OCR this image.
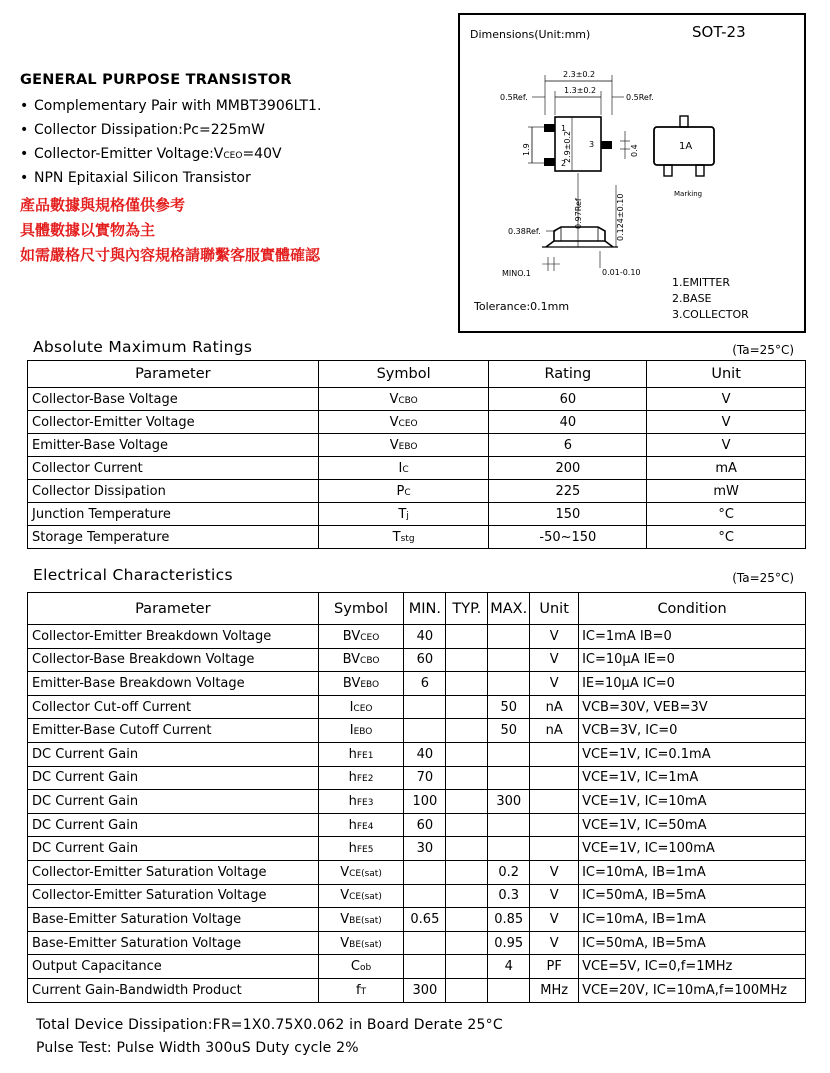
GENERAL PURPOSE TRANSISTOR
• Complementary Pair with MMBT3906LT1.
• Collector Dissipation:Pc=225mW
• Collector-Emitter Voltage:VCEO=40V
• NPN Epitaxial Silicon Transistor
產品數據與規格僅供參考
具體數據以實物為主
如需嚴格尺寸與內容規格請聯繫客服實體確認
Dimensions(Unit:mm)	SOT-23
2.3±0.2
1.3±0.2
0.5Ref.	0.5Ref.
1.9	2.9±0.2
1
2
3	0.4
0.97Ref	0.124±0.10
0.38Ref.
MINO.1	0.01-0.10
1A
Marking
1.EMITTER
2.BASE
3.COLLECTOR
Tolerance:0.1mm
Absolute Maximum Ratings	(Ta=25°C)
Parameter	Symbol	Rating	Unit
Collector-Base Voltage	VCBO	60	V
Collector-Emitter Voltage	VCEO	40	V
Emitter-Base Voltage	VEBO	6	V
Collector Current	IC	200	mA
Collector Dissipation	PC	225	mW
Junction Temperature	Tj	150	°C
Storage Temperature	Tstg	-50~150	°C
Electrical Characteristics	(Ta=25°C)
Parameter	Symbol	MIN.	TYP.	MAX.	Unit	Condition
Collector-Emitter Breakdown Voltage	BVCEO	40			V	IC=1mA IB=0
Collector-Base Breakdown Voltage	BVCBO	60			V	IC=10μA IE=0
Emitter-Base Breakdown Voltage	BVEBO	6			V	IE=10μA IC=0
Collector Cut-off Current	ICEO			50	nA	VCB=30V, VEB=3V
Emitter-Base Cutoff Current	IEBO			50	nA	VCB=3V, IC=0
DC Current Gain	hFE1	40				VCE=1V, IC=0.1mA
DC Current Gain	hFE2	70				VCE=1V, IC=1mA
DC Current Gain	hFE3	100		300		VCE=1V, IC=10mA
DC Current Gain	hFE4	60				VCE=1V, IC=50mA
DC Current Gain	hFE5	30				VCE=1V, IC=100mA
Collector-Emitter Saturation Voltage	VCE(sat)			0.2	V	IC=10mA, IB=1mA
Collector-Emitter Saturation Voltage	VCE(sat)			0.3	V	IC=50mA, IB=5mA
Base-Emitter Saturation Voltage	VBE(sat)	0.65		0.85	V	IC=10mA, IB=1mA
Base-Emitter Saturation Voltage	VBE(sat)			0.95	V	IC=50mA, IB=5mA
Output Capacitance	Cob			4	PF	VCE=5V, IC=0,f=1MHz
Current Gain-Bandwidth Product	fT	300			MHz	VCE=20V, IC=10mA,f=100MHz
Total Device Dissipation:FR=1X0.75X0.062 in Board Derate 25°C
Pulse Test: Pulse Width 300uS Duty cycle 2%
